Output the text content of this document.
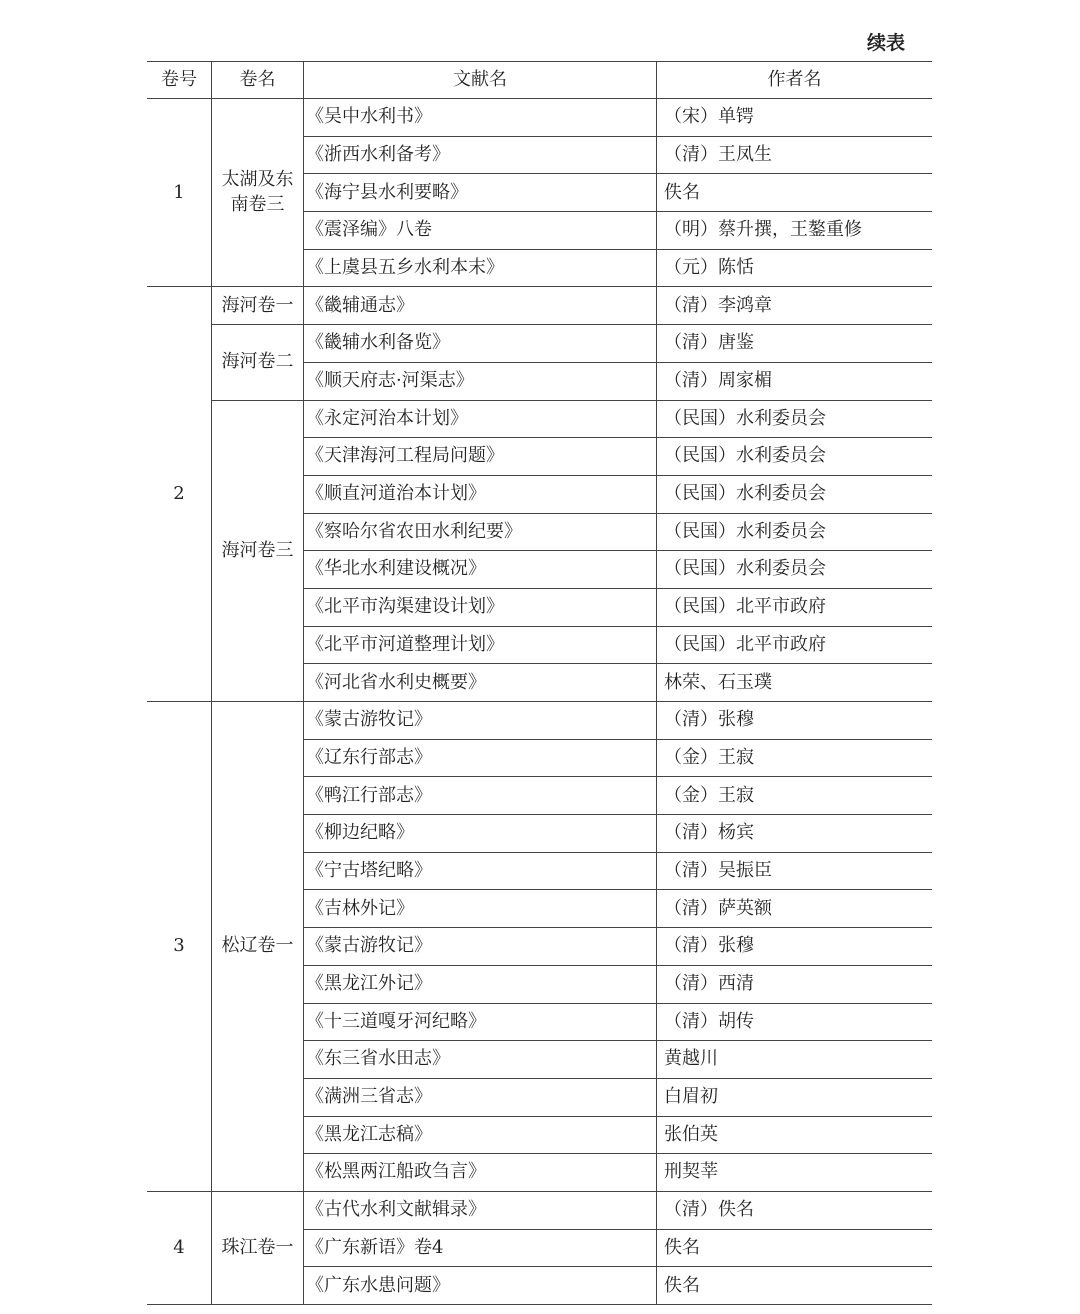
续表
卷号	卷名	文献名	作者名
1	太湖及东南卷三	《吴中水利书》	（宋）单锷
		《浙西水利备考》	（清）王凤生
		《海宁县水利要略》	佚名
		《震泽编》八卷	（明）蔡升撰，王鏊重修
		《上虞县五乡水利本末》	（元）陈恬
2	海河卷一	《畿辅通志》	（清）李鸿章
	海河卷二	《畿辅水利备览》	（清）唐鉴
		《顺天府志·河渠志》	（清）周家楣
	海河卷三	《永定河治本计划》	（民国）水利委员会
		《天津海河工程局问题》	（民国）水利委员会
		《顺直河道治本计划》	（民国）水利委员会
		《察哈尔省农田水利纪要》	（民国）水利委员会
		《华北水利建设概况》	（民国）水利委员会
		《北平市沟渠建设计划》	（民国）北平市政府
		《北平市河道整理计划》	（民国）北平市政府
		《河北省水利史概要》	林荣、石玉璞
3	松辽卷一	《蒙古游牧记》	（清）张穆
		《辽东行部志》	（金）王寂
		《鸭江行部志》	（金）王寂
		《柳边纪略》	（清）杨宾
		《宁古塔纪略》	（清）吴振臣
		《吉林外记》	（清）萨英额
		《蒙古游牧记》	（清）张穆
		《黑龙江外记》	（清）西清
		《十三道嘎牙河纪略》	（清）胡传
		《东三省水田志》	黄越川
		《满洲三省志》	白眉初
		《黑龙江志稿》	张伯英
		《松黑两江船政刍言》	刑契莘
4	珠江卷一	《古代水利文献辑录》	（清）佚名
		《广东新语》卷4	佚名
		《广东水患问题》	佚名
